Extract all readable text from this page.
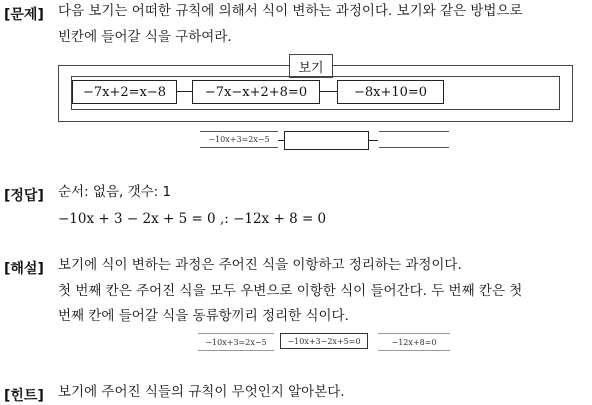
[문제] 다음 보기는 어떠한 규칙에 의해서 식이 변하는 과정이다. 보기와 같은 방법으로
빈칸에 들어갈 식을 구하여라.
보기
−7x+2=x−8	−7x−x+2+8=0	−8x+10=0
−10x+3=2x−5
[정답] 순서: 없음, 갯수: 1
−10x + 3 − 2x + 5 = 0 ,: −12x + 8 = 0
[해설] 보기에 식이 변하는 과정은 주어진 식을 이항하고 정리하는 과정이다.
첫 번째 칸은 주어진 식을 모두 우변으로 이항한 식이 들어간다. 두 번째 칸은 첫
번째 칸에 들어갈 식을 동류항끼리 정리한 식이다.
−10x+3=2x−5	−10x+3−2x+5=0	−12x+8=0
[힌트] 보기에 주어진 식들의 규칙이 무엇인지 알아본다.
